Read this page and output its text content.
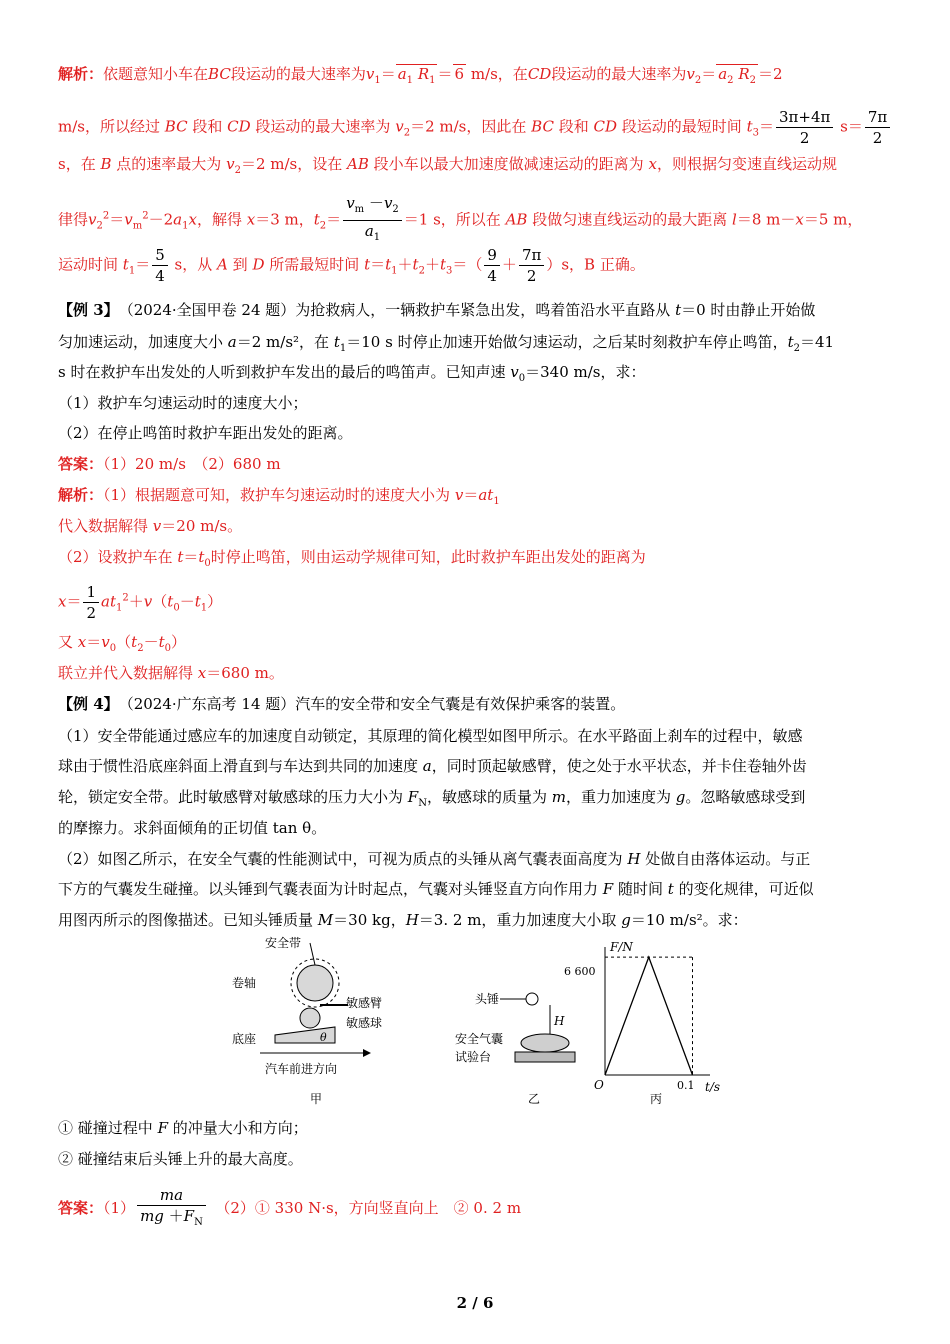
解析：依题意知小车在BC段运动的最大速率为$v_1= a_1$ $R_1 = 6$ m/s，在CD段运动的最大速率为$v_2= a_2$ $R_2 =2$
m/s，所以经过 BC 段和 CD 段运动的最大速率为 $v_2=2$ m/s，因此在 BC 段和 CD 段运动的最短时间 $t_3= \frac{3\pi+4\pi}{2} s= \frac{7\pi}{2}$
s，在 B 点的速率最大为 $v_2=2$ m/s，设在 AB 段小车以最大加速度做减速运动的距离为 x，则根据匀变速直线运动规
律得$v_2^2=v_m^2-2a_1x$，解得 x＝3 m，$t_2= \frac{v_m -v_2}{a_1} =1$ s，所以在 AB 段做匀速直线运动的最大距离 l＝8 m－x＝5 m，
运动时间 $t_1= \frac{5}{4}$ s，从 A 到 D 所需最短时间 $t=t_1+t_2+t_3=( \frac{9}{4} + \frac{7\pi}{2} )s$，B 正确。
【例 3】　 （2024·全国甲卷 24 题）为抢救病人，一辆救护车紧急出发，鸣着笛沿水平直路从 t＝0 时由静止开始做
匀加速运动，加速度大小 a＝2 m/s²，在 $t_1=10$ s 时停止加速开始做匀速运动，之后某时刻救护车停止鸣笛，$t_2=41$
s 时在救护车出发处的人听到救护车发出的最后的鸣笛声。已知声速 $v_0=340$ m/s，求：
（1）救护车匀速运动时的速度大小；
（2）在停止鸣笛时救护车距出发处的距离。
答案：（1）20 m/s　（2）680 m
解析：（1）根据题意可知，救护车匀速运动时的速度大小为 $v=at_1$
代入数据解得 v＝20 m/s。
（2）设救护车在 $t=t_0$时停止鸣笛，则由运动学规律可知，此时救护车距出发处的距离为
$x= \frac{1}{2} at_1^2+v(t_0-t_1)$
又 $x=v_0(t_2-t_0)$
联立并代入数据解得 x＝680 m。
【例 4】　 （2024·广东高考 14 题）汽车的安全带和安全气囊是有效保护乘客的装置。
（1）安全带能通过感应车的加速度自动锁定，其原理的简化模型如图甲所示。在水平路面上刹车的过程中，敏感
球由于惯性沿底座斜面上滑直到与车达到共同的加速度 a，同时顶起敏感臂，使之处于水平状态，并卡住卷轴外齿
轮，锁定安全带。此时敏感臂对敏感球的压力大小为 $F_N$，敏感球的质量为 m，重力加速度为 g。忽略敏感球受到
的摩擦力。求斜面倾角的正切值 tan θ。
（2）如图乙所示，在安全气囊的性能测试中，可视为质点的头锤从离气囊表面高度为 H 处做自由落体运动。与正
下方的气囊发生碰撞。以头锤到气囊表面为计时起点，气囊对头锤竖直方向作用力 F 随时间 t 的变化规律，可近似
用图丙所示的图像描述。已知头锤质量 M＝30 kg，H＝3. 2 m，重力加速度大小取 g＝10 m/s²。求：
① 碰撞过程中 F 的冲量大小和方向；
② 碰撞结束后头锤上升的最大高度。
答案：$(1) \frac{ma}{mg +F_N}$
　 （2）① 330 N·s，方向竖直向上　② 0. 2 m
安全带
卷轴
敏感臂
敏感球
底座	θ
汽车前进方向
甲
头锤
H
安全气囊
试验台
乙
F/N
t/s
6 600
0.1
O
丙
2 / 6
